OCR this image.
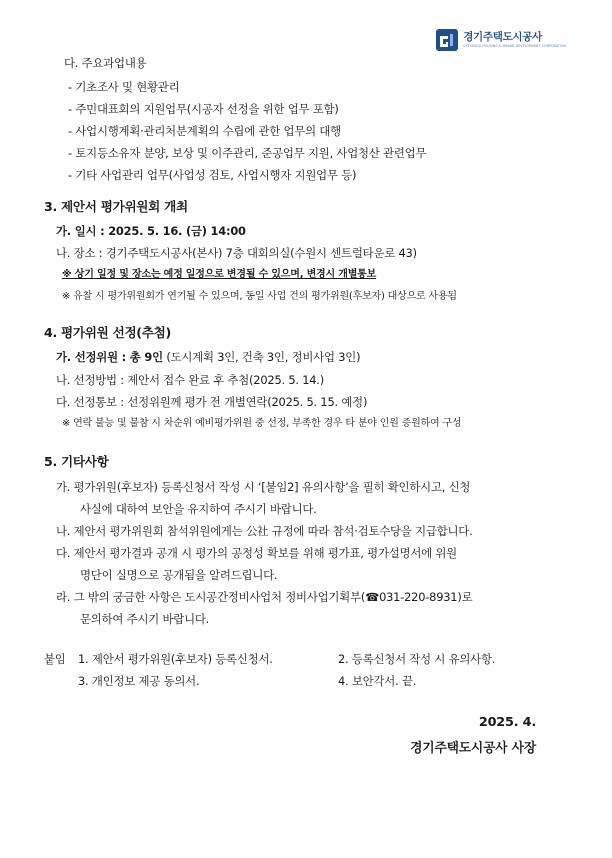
경기주택도시공사
GYEONGGI HOUSING & URBAN DEVELOPMENT CORPORATION
다. 주요과업내용
- 기초조사 및 현황관리
- 주민대표회의 지원업무(시공자 선정을 위한 업무 포함)
- 사업시행계획·관리처분계획의 수립에 관한 업무의 대행
- 토지등소유자 분양, 보상 및 이주관리, 준공업무 지원, 사업청산 관련업무
- 기타 사업관리 업무(사업성 검토, 사업시행자 지원업무 등)
3. 제안서 평가위원회 개최
가. 일시 : 2025. 5. 16. (금) 14:00
나. 장소 : 경기주택도시공사(본사) 7층 대회의실(수원시 센트럴타운로 43)
※ 상기 일정 및 장소는 예정 일정으로 변경될 수 있으며, 변경시 개별통보
※ 유찰 시 평가위원회가 연기될 수 있으며, 동일 사업 건의 평가위원(후보자) 대상으로 사용됨
4. 평가위원 선정(추첨)
가. 선정위원 : 총 9인 (도시계획 3인, 건축 3인, 정비사업 3인)
나. 선정방법 : 제안서 접수 완료 후 추첨(2025. 5. 14.)
다. 선정통보 : 선정위원께 평가 전 개별연락(2025. 5. 15. 예정)
※ 연락 불능 및 불참 시 차순위 예비평가위원 중 선정, 부족한 경우 타 분야 인원 증원하여 구성
5. 기타사항
가. 평가위원(후보자) 등록신청서 작성 시 ‘[붙임2] 유의사항’을 필히 확인하시고, 신청
사실에 대하여 보안을 유지하여 주시기 바랍니다.
나. 제안서 평가위원회 참석위원에게는 公社 규정에 따라 참석·검토수당을 지급합니다.
다. 제안서 평가결과 공개 시 평가의 공정성 확보를 위해 평가표, 평가설명서에 위원
명단이 실명으로 공개됨을 알려드립니다.
라. 그 밖의 궁금한 사항은 도시공간정비사업처 정비사업기획부(☎031-220-8931)로
문의하여 주시기 바랍니다.
붙임 1. 제안서 평가위원(후보자) 등록신청서.	2. 등록신청서 작성 시 유의사항.
3. 개인정보 제공 동의서.	4. 보안각서. 끝.
2025. 4.
경기주택도시공사 사장
